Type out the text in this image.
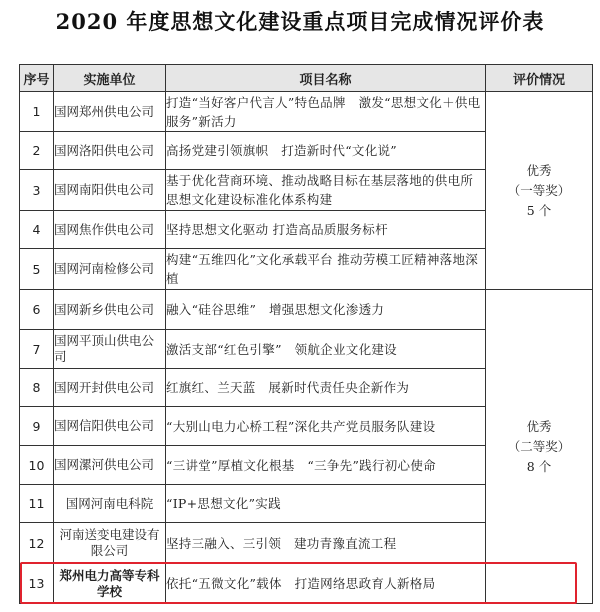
2020 年度思想文化建设重点项目完成情况评价表
序号	实施单位	项目名称	评价情况
1	国网郑州供电公司	打造“当好客户代言人”特色品牌　激发“思想文化＋供电服务”新活力	优秀
（一等奖）
5 个

2	国网洛阳供电公司	高扬党建引领旗帜　打造新时代“文化说”	
3	国网南阳供电公司	基于优化营商环境、推动战略目标在基层落地的供电所思想文化建设标准化体系构建	
4	国网焦作供电公司	坚持思想文化驱动 打造高品质服务标杆	
5	国网河南检修公司	构建“五维四化”文化承载平台 推动劳模工匠精神落地深植	
6	国网新乡供电公司	融入“硅谷思维”　增强思想文化渗透力	优秀
（二等奖）
8 个

7	国网平顶山供电公司	激活支部“红色引擎”　领航企业文化建设	
8	国网开封供电公司	红旗红、兰天蓝　展新时代责任央企新作为	
9	国网信阳供电公司	“大别山电力心桥工程”深化共产党员服务队建设	
10	国网漯河供电公司	“三讲堂”厚植文化根基　“三争先”践行初心使命	
11	国网河南电科院	“IP+思想文化”实践	
12	河南送变电建设有限公司	坚持三融入、三引领　建功青豫直流工程	
13	郑州电力高等专科学校	依托“五微文化”载体　打造网络思政育人新格局	
